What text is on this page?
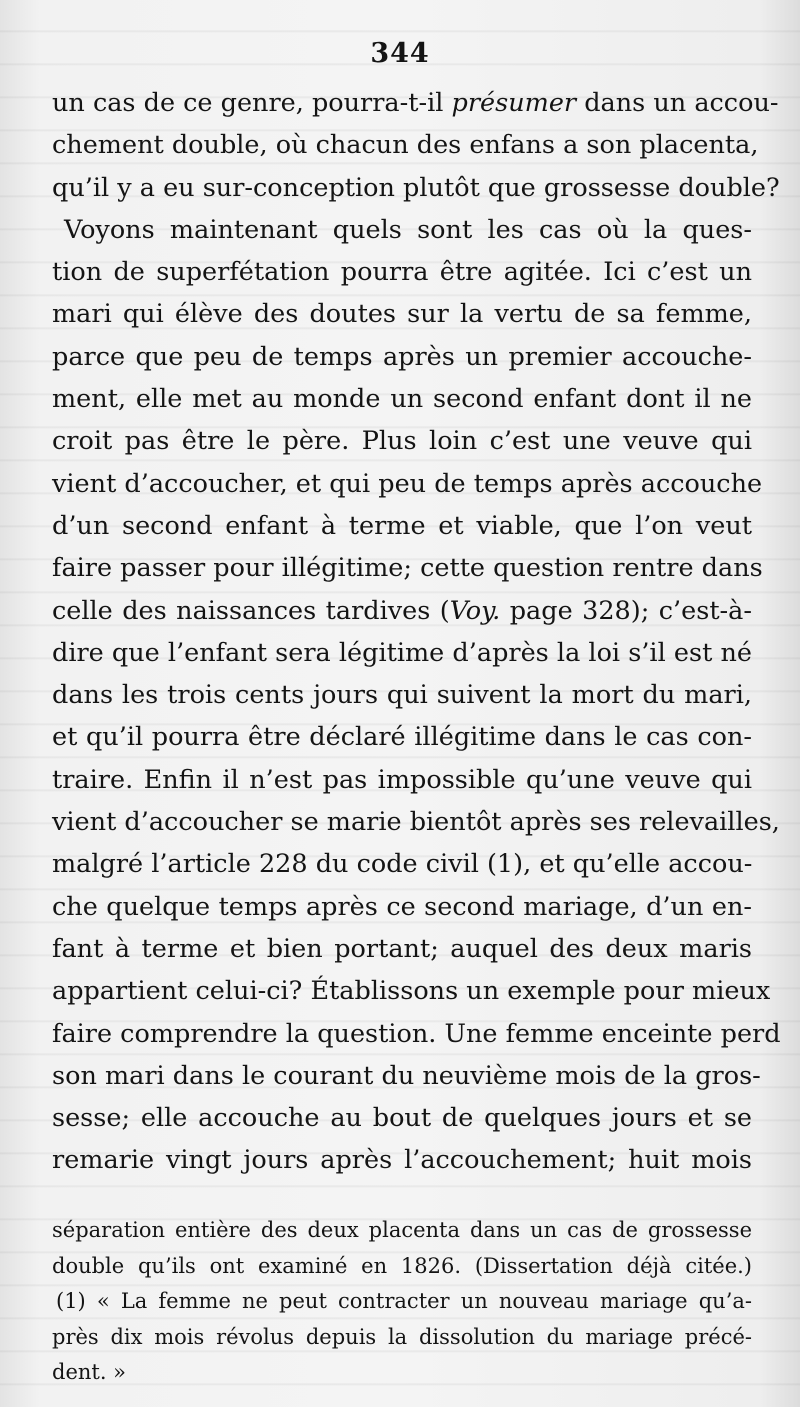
344
un cas de ce genre, pourra-t-il présumer dans un accou-
chement double, où chacun des enfans a son placenta,
qu’il y a eu sur-conception plutôt que grossesse double?
Voyons maintenant quels sont les cas où la ques-
tion de superfétation pourra être agitée. Ici c’est un
mari qui élève des doutes sur la vertu de sa femme,
parce que peu de temps après un premier accouche-
ment, elle met au monde un second enfant dont il ne
croit pas être le père. Plus loin c’est une veuve qui
vient d’accoucher, et qui peu de temps après accouche
d’un second enfant à terme et viable, que l’on veut
faire passer pour illégitime; cette question rentre dans
celle des naissances tardives (Voy. page 328); c’est-à-
dire que l’enfant sera légitime d’après la loi s’il est né
dans les trois cents jours qui suivent la mort du mari,
et qu’il pourra être déclaré illégitime dans le cas con-
traire. Enfin il n’est pas impossible qu’une veuve qui
vient d’accoucher se marie bientôt après ses relevailles,
malgré l’article 228 du code civil (1), et qu’elle accou-
che quelque temps après ce second mariage, d’un en-
fant à terme et bien portant; auquel des deux maris
appartient celui-ci? Établissons un exemple pour mieux
faire comprendre la question. Une femme enceinte perd
son mari dans le courant du neuvième mois de la gros-
sesse; elle accouche au bout de quelques jours et se
remarie vingt jours après l’accouchement; huit mois
séparation entière des deux placenta dans un cas de grossesse
double qu’ils ont examiné en 1826. (Dissertation déjà citée.)
(1) « La femme ne peut contracter un nouveau mariage qu’a-
près dix mois révolus depuis la dissolution du mariage précé-
dent. »
